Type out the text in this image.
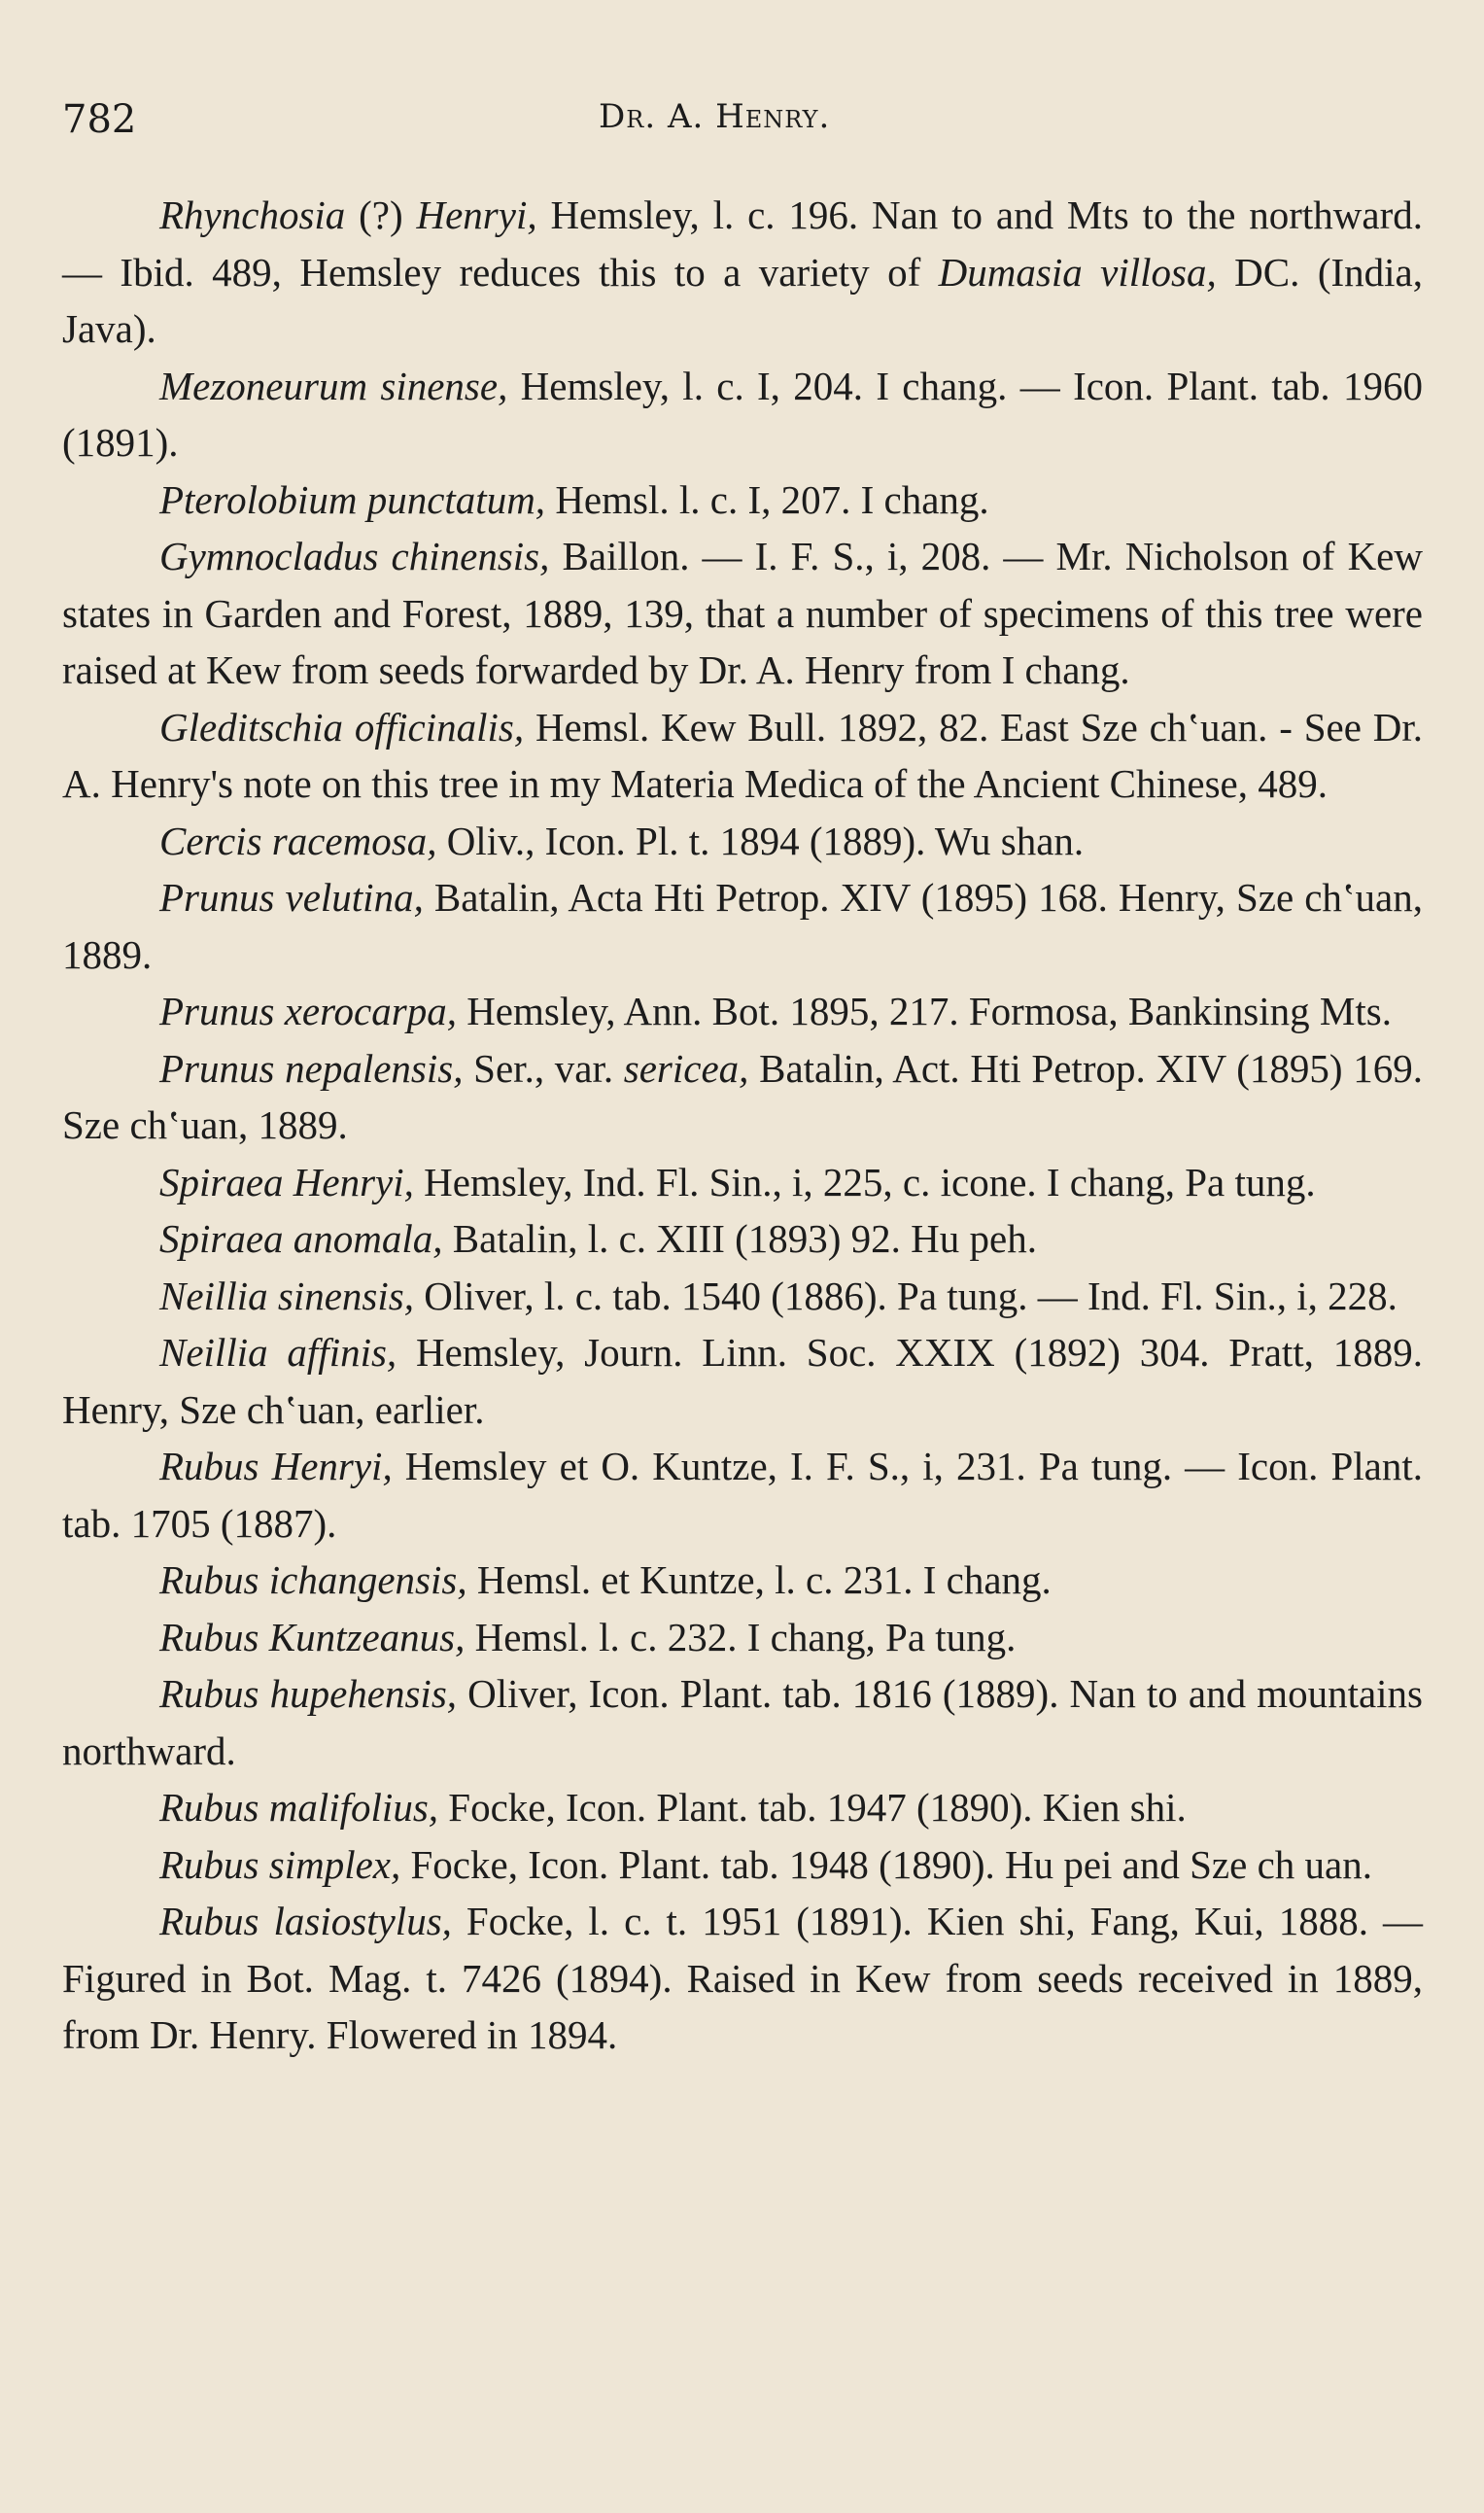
782	Dr. A. Henry.

Rhynchosia (?) Henryi, Hemsley, l. c. 196. Nan to and Mts to the northward. — Ibid. 489, Hemsley reduces this to a variety of Dumasia villosa, DC. (India, Java).

Mezoneurum sinense, Hemsley, l. c. I, 204. I chang. — Icon. Plant. tab. 1960 (1891).

Pterolobium punctatum, Hemsl. l. c. I, 207. I chang.

Gymnocladus chinensis, Baillon. — I. F. S., i, 208. — Mr. Nicholson of Kew states in Garden and Forest, 1889, 139, that a number of specimens of this tree were raised at Kew from seeds forwarded by Dr. A. Henry from I chang.

Gleditschia officinalis, Hemsl. Kew Bull. 1892, 82. East Sze chʽuan. - See Dr. A. Henry's note on this tree in my Materia Medica of the Ancient Chinese, 489.

Cercis racemosa, Oliv., Icon. Pl. t. 1894 (1889). Wu shan.

Prunus velutina, Batalin, Acta Hti Petrop. XIV (1895) 168. Henry, Sze chʽuan, 1889.

Prunus xerocarpa, Hemsley, Ann. Bot. 1895, 217. Formosa, Bankinsing Mts.

Prunus nepalensis, Ser., var. sericea, Batalin, Act. Hti Petrop. XIV (1895) 169. Sze chʽuan, 1889.

Spiraea Henryi, Hemsley, Ind. Fl. Sin., i, 225, c. icone. I chang, Pa tung.

Spiraea anomala, Batalin, l. c. XIII (1893) 92. Hu peh.

Neillia sinensis, Oliver, l. c. tab. 1540 (1886). Pa tung. — Ind. Fl. Sin., i, 228.

Neillia affinis, Hemsley, Journ. Linn. Soc. XXIX (1892) 304. Pratt, 1889. Henry, Sze chʽuan, earlier.

Rubus Henryi, Hemsley et O. Kuntze, I. F. S., i, 231. Pa tung. — Icon. Plant. tab. 1705 (1887).

Rubus ichangensis, Hemsl. et Kuntze, l. c. 231. I chang.

Rubus Kuntzeanus, Hemsl. l. c. 232. I chang, Pa tung.

Rubus hupehensis, Oliver, Icon. Plant. tab. 1816 (1889). Nan to and mountains northward.

Rubus malifolius, Focke, Icon. Plant. tab. 1947 (1890). Kien shi.

Rubus simplex, Focke, Icon. Plant. tab. 1948 (1890). Hu pei and Sze ch uan.

Rubus lasiostylus, Focke, l. c. t. 1951 (1891). Kien shi, Fang, Kui, 1888. — Figured in Bot. Mag. t. 7426 (1894). Raised in Kew from seeds received in 1889, from Dr. Henry. Flowered in 1894.
